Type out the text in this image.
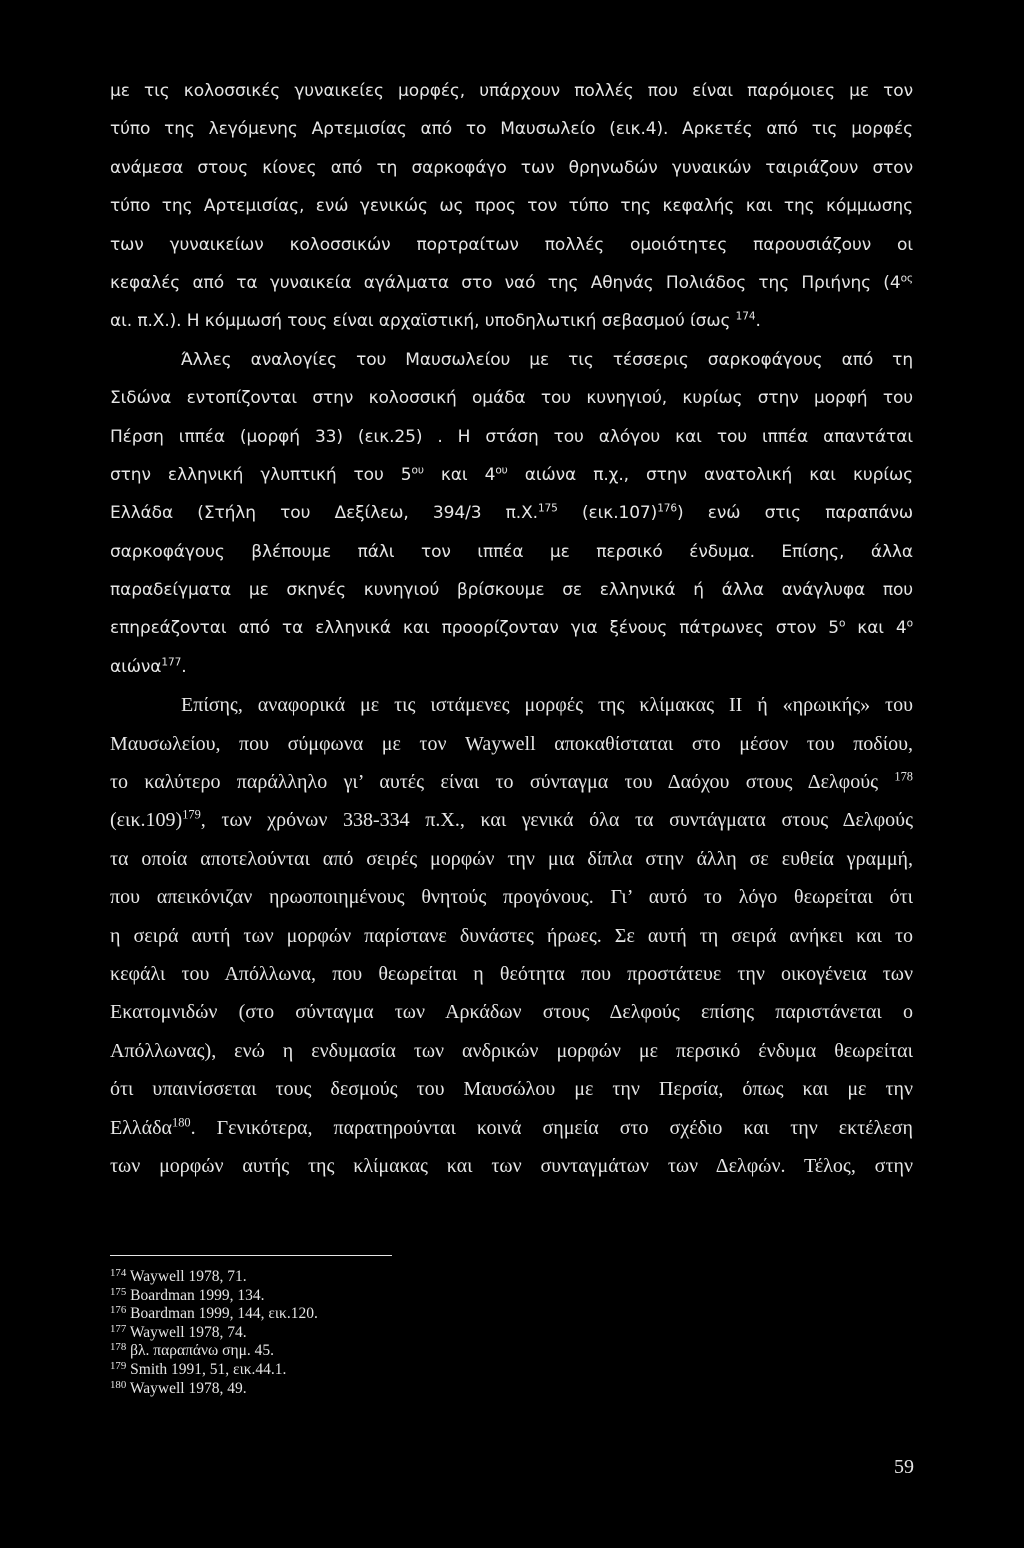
με τις κολοσσικές γυναικείες μορφές, υπάρχουν πολλές που είναι παρόμοιες με τον
τύπο της λεγόμενης Αρτεμισίας από το Μαυσωλείο (εικ.4). Αρκετές από τις μορφές
ανάμεσα στους κίονες από τη σαρκοφάγο των θρηνωδών γυναικών ταιριάζουν στον
τύπο της Αρτεμισίας, ενώ γενικώς ως προς τον τύπο της κεφαλής και της κόμμωσης
των γυναικείων κολοσσικών πορτραίτων πολλές ομοιότητες παρουσιάζουν οι
κεφαλές από τα γυναικεία αγάλματα στο ναό της Αθηνάς Πολιάδος της Πριήνης ($4^{o\varsigma}$
αι. π.Χ.). Η κόμμωσή τους είναι αρχαϊστική, υποδηλωτική σεβασμού ίσως $^{174}$.
Άλλες αναλογίες του Μαυσωλείου με τις τέσσερις σαρκοφάγους από τη
Σιδώνα εντοπίζονται στην κολοσσική ομάδα του κυνηγιού, κυρίως στην μορφή του
Πέρση ιππέα (μορφή 33) (εικ.25) . Η στάση του αλόγου και του ιππέα απαντάται
στην ελληνική γλυπτική του $5^{o\upsilon}$ και $4^{o\upsilon}$ αιώνα π.χ., στην ανατολική και κυρίως
Ελλάδα (Στήλη του Δεξίλεω, 394/3 π.Χ.$^{175}$ $(\varepsilon\iota\kappa.107)^{176}$) ενώ στις παραπάνω
σαρκοφάγους βλέπουμε πάλι τον ιππέα με περσικό ένδυμα. Επίσης, άλλα
παραδείγματα με σκηνές κυνηγιού βρίσκουμε σε ελληνικά ή άλλα ανάγλυφα που
επηρεάζονται από τα ελληνικά και προορίζονταν για ξένους πάτρωνες στον $5^o$ και $4^o$
αιώνα$^{177}$.
Επίσης, αναφορικά με τις ιστάμενες μορφές της κλίμακας ΙΙ ή «ηρωικής» του
Μαυσωλείου, που σύμφωνα με τον Waywell αποκαθίσταται στο μέσον του ποδίου,
το καλύτερο παράλληλο γι’ αυτές είναι το σύνταγμα του Δαόχου στους Δελφούς $^{178}$
$(\varepsilon\iota\kappa.109)^{179}$, των χρόνων 338-334 π.Χ., και γενικά όλα τα συντάγματα στους Δελφούς
τα οποία αποτελούνται από σειρές μορφών την μια δίπλα στην άλλη σε ευθεία γραμμή,
που απεικόνιζαν ηρωοποιημένους θνητούς προγόνους. Γι’ αυτό το λόγο θεωρείται ότι
η σειρά αυτή των μορφών παρίστανε δυνάστες ήρωες. Σε αυτή τη σειρά ανήκει και το
κεφάλι του Απόλλωνα, που θεωρείται η θεότητα που προστάτευε την οικογένεια των
Εκατομνιδών (στο σύνταγμα των Αρκάδων στους Δελφούς επίσης παριστάνεται ο
Απόλλωνας), ενώ η ενδυμασία των ανδρικών μορφών με περσικό ένδυμα θεωρείται
ότι υπαινίσσεται τους δεσμούς του Μαυσώλου με την Περσία, όπως και με την
Ελλάδα$^{180}$. Γενικότερα, παρατηρούνται κοινά σημεία στο σχέδιο και την εκτέλεση
των μορφών αυτής της κλίμακας και των συνταγμάτων των Δελφών. Τέλος, στην
$^{174}$ Waywell 1978, 71.
$^{175}$ Boardman 1999, 134.
$^{176}$ Boardman 1999, 144, εικ.120.
$^{177}$ Waywell 1978, 74.
$^{178}$ βλ. παραπάνω σημ. 45.
$^{179}$ Smith 1991, 51, εικ.44.1.
$^{180}$ Waywell 1978, 49.
59
